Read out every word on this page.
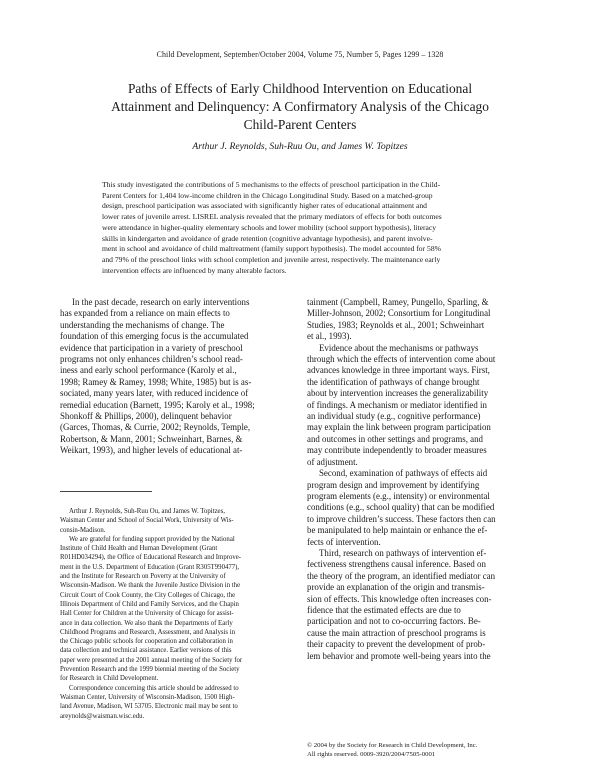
Child Development, September/October 2004, Volume 75, Number 5, Pages 1299 – 1328
Paths of Effects of Early Childhood Intervention on Educational
Attainment and Delinquency: A Confirmatory Analysis of the Chicago
Child-Parent Centers
Arthur J. Reynolds, Suh-Ruu Ou, and James W. Topitzes
This study investigated the contributions of 5 mechanisms to the effects of preschool participation in the Child-
Parent Centers for 1,404 low-income children in the Chicago Longitudinal Study. Based on a matched-group
design, preschool participation was associated with significantly higher rates of educational attainment and
lower rates of juvenile arrest. LISREL analysis revealed that the primary mediators of effects for both outcomes
were attendance in higher-quality elementary schools and lower mobility (school support hypothesis), literacy
skills in kindergarten and avoidance of grade retention (cognitive advantage hypothesis), and parent involve-
ment in school and avoidance of child maltreatment (family support hypothesis). The model accounted for 58%
and 79% of the preschool links with school completion and juvenile arrest, respectively. The maintenance early
intervention effects are influenced by many alterable factors.
In the past decade, research on early interventions
has expanded from a reliance on main effects to
understanding the mechanisms of change. The
foundation of this emerging focus is the accumulated
evidence that participation in a variety of preschool
programs not only enhances children’s school read-
iness and early school performance (Karoly et al.,
1998; Ramey & Ramey, 1998; White, 1985) but is as-
sociated, many years later, with reduced incidence of
remedial education (Barnett, 1995; Karoly et al., 1998;
Shonkoff & Phillips, 2000), delinquent behavior
(Garces, Thomas, & Currie, 2002; Reynolds, Temple,
Robertson, & Mann, 2001; Schweinhart, Barnes, &
Weikart, 1993), and higher levels of educational at-
Arthur J. Reynolds, Suh-Ruu Ou, and James W. Topitzes,
Waisman Center and School of Social Work, University of Wis-
consin-Madison.
We are grateful for funding support provided by the National
Institute of Child Health and Human Development (Grant
R01HD034294), the Office of Educational Research and Improve-
ment in the U.S. Department of Education (Grant R305T990477),
and the Institute for Research on Poverty at the University of
Wisconsin-Madison. We thank the Juvenile Justice Division in the
Circuit Court of Cook County, the City Colleges of Chicago, the
Illinois Department of Child and Family Services, and the Chapin
Hall Center for Children at the University of Chicago for assist-
ance in data collection. We also thank the Departments of Early
Childhood Programs and Research, Assessment, and Analysis in
the Chicago public schools for cooperation and collaboration in
data collection and technical assistance. Earlier versions of this
paper were presented at the 2001 annual meeting of the Society for
Prevention Research and the 1999 biennial meeting of the Society
for Research in Child Development.
Correspondence concerning this article should be addressed to
Waisman Center, University of Wisconsin-Madison, 1500 High-
land Avenue, Madison, WI 53705. Electronic mail may be sent to
areynolds@waisman.wisc.edu.
tainment (Campbell, Ramey, Pungello, Sparling, &
Miller-Johnson, 2002; Consortium for Longitudinal
Studies, 1983; Reynolds et al., 2001; Schweinhart
et al., 1993).
Evidence about the mechanisms or pathways
through which the effects of intervention come about
advances knowledge in three important ways. First,
the identification of pathways of change brought
about by intervention increases the generalizability
of findings. A mechanism or mediator identified in
an individual study (e.g., cognitive performance)
may explain the link between program participation
and outcomes in other settings and programs, and
may contribute independently to broader measures
of adjustment.
Second, examination of pathways of effects aid
program design and improvement by identifying
program elements (e.g., intensity) or environmental
conditions (e.g., school quality) that can be modified
to improve children’s success. These factors then can
be manipulated to help maintain or enhance the ef-
fects of intervention.
Third, research on pathways of intervention ef-
fectiveness strengthens causal inference. Based on
the theory of the program, an identified mediator can
provide an explanation of the origin and transmis-
sion of effects. This knowledge often increases con-
fidence that the estimated effects are due to
participation and not to co-occurring factors. Be-
cause the main attraction of preschool programs is
their capacity to prevent the development of prob-
lem behavior and promote well-being years into the
© 2004 by the Society for Research in Child Development, Inc.
All rights reserved. 0009-3920/2004/7505-0001
